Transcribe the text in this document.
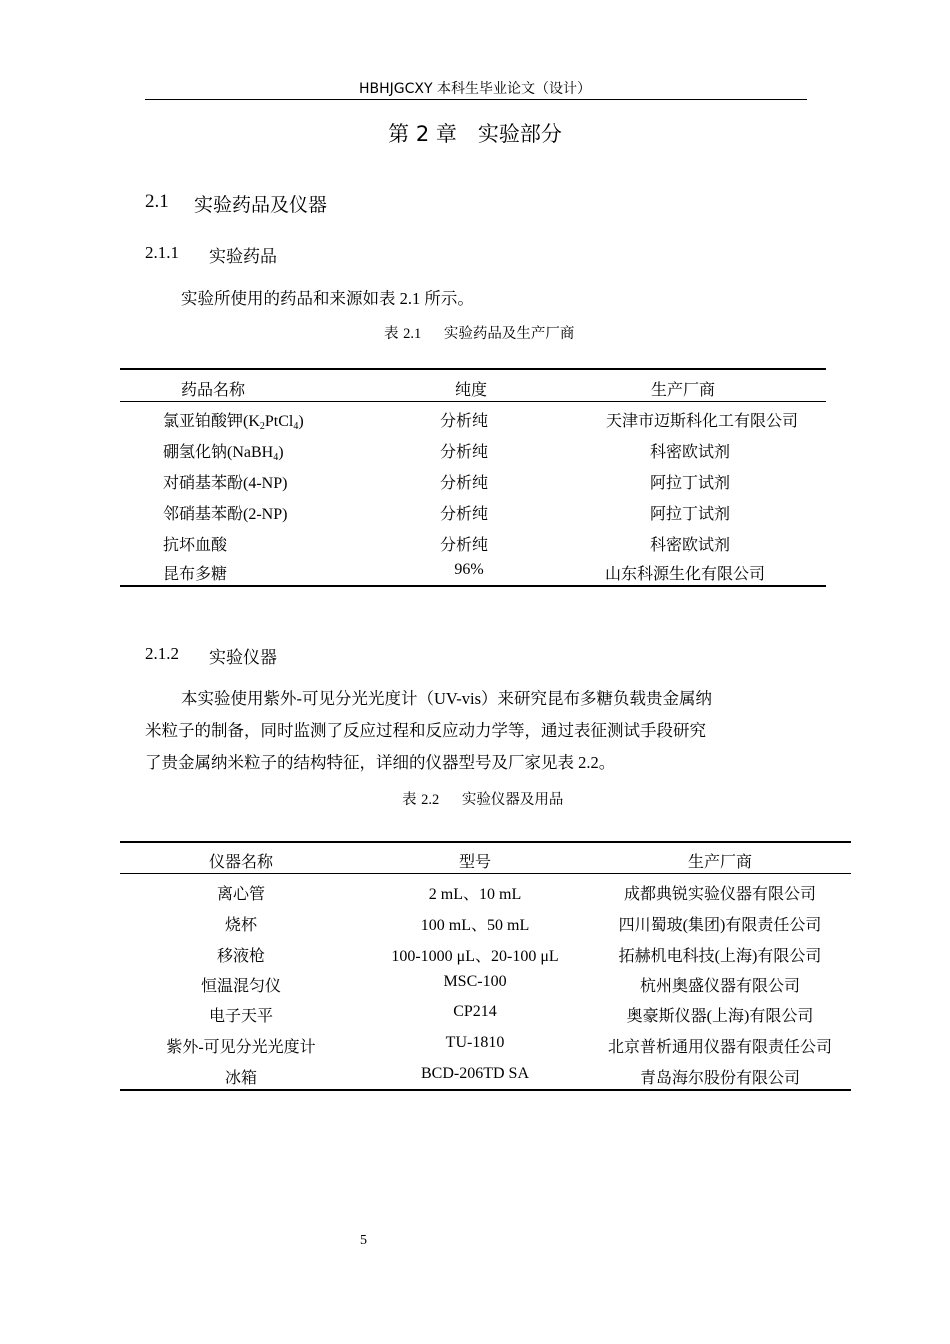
HBHJGCXY 本科生毕业论文（设计）
第 2 章　实验部分
2.1 实验药品及仪器
2.1.1 实验药品
实验所使用的药品和来源如表 2.1 所示。
表 2.1 实验药品及生产厂商
药品名称	纯度	生产厂商
氯亚铂酸钾$(K_2PtCl_4)$	分析纯	天津市迈斯科化工有限公司
硼氢化钠(NaBH$_4$)	分析纯	科密欧试剂
对硝基苯酚(4-NP)	分析纯	阿拉丁试剂
邻硝基苯酚(2-NP)	分析纯	阿拉丁试剂
抗坏血酸	分析纯	科密欧试剂
昆布多糖	96%	山东科源生化有限公司
2.1.2 实验仪器
本实验使用紫外-可见分光光度计（UV-vis）来研究昆布多糖负载贵金属纳
米粒子的制备，同时监测了反应过程和反应动力学等，通过表征测试手段研究
了贵金属纳米粒子的结构特征，详细的仪器型号及厂家见表 2.2。
表 2.2 实验仪器及用品
仪器名称	型号	生产厂商
离心管	2 mL、10 mL	成都典锐实验仪器有限公司
烧杯	100 mL、50 mL	四川蜀玻(集团)有限责任公司
移液枪	100-1000 μL、20-100 μL	拓赫机电科技(上海)有限公司
恒温混匀仪	MSC-100	杭州奥盛仪器有限公司
电子天平	CP214	奥豪斯仪器(上海)有限公司
紫外-可见分光光度计	TU-1810	北京普析通用仪器有限责任公司
冰箱	BCD-206TD SA	青岛海尔股份有限公司
5
